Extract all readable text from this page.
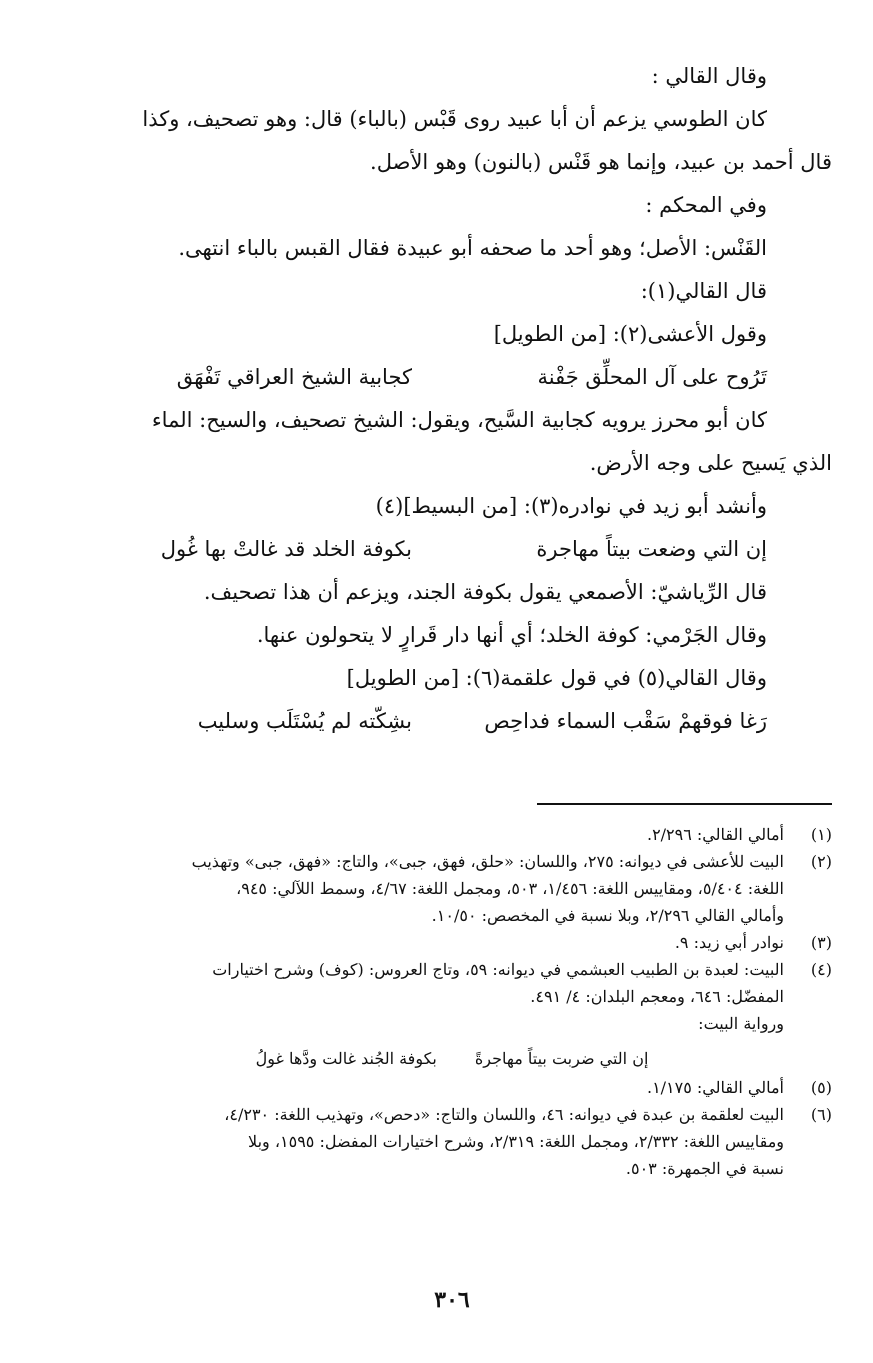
وقال القالي :

كان الطوسي يزعم أن أبا عبيد روى قَبْس (بالباء) قال: وهو تصحيف، وكذا

قال أحمد بن عبيد، وإنما هو قَنْس (بالنون) وهو الأصل.

وفي المحكم :

القَنْس: الأصل؛ وهو أحد ما صحفه أبو عبيدة فقال القبس بالباء انتهى.

قال القالي(١):

وقول الأعشى(٢): [من الطويل]

تَرُوح على آل المحلِّق جَفْنة
كجابية الشيخ العراقي تَفْهَق

كان أبو محرز يرويه كجابية السَّيح، ويقول: الشيخ تصحيف، والسيح: الماء

الذي يَسيح على وجه الأرض.

وأنشد أبو زيد في نوادره(٣): [من البسيط](٤)

إن التي وضعت بيتاً مهاجرة
بكوفة الخلد قد غالتْ بها غُول

قال الرِّياشيّ: الأصمعي يقول بكوفة الجند، ويزعم أن هذا تصحيف.

وقال الجَرْمي: كوفة الخلد؛ أي أنها دار قَرارٍ لا يتحولون عنها.

وقال القالي(٥) في قول علقمة(٦): [من الطويل]

رَغا فوقهمْ سَقْب السماء فداحِص
بشِكّته لم يُسْتَلَب وسليب
(١)
أمالي القالي: ٢/٢٩٦.
(٢)
البيت للأعشى في ديوانه: ٢٧٥، واللسان: «حلق، فهق، جبى»، والتاج: «فهق، جبى» وتهذيب
اللغة: ٥/٤٠٤، ومقاييس اللغة: ١/٤٥٦، ٥٠٣، ومجمل اللغة: ٤/٦٧، وسمط اللآلي: ٩٤٥،
وأمالي القالي ٢/٢٩٦، وبلا نسبة في المخصص: ١٠/٥٠.
(٣)
نوادر أبي زيد: ٩.
(٤)
البيت: لعبدة بن الطبيب العبشمي في ديوانه: ٥٩، وتاج العروس: (كوف) وشرح اختيارات
المفضّل: ٦٤٦، ومعجم البلدان: ٤/ ٤٩١.
ورواية البيت:
إن التي ضربت بيتاً مهاجرةً
بكوفة الجُند غالت ودَّها غولُ
(٥)
أمالي القالي: ١/١٧٥.
(٦)
البيت لعلقمة بن عبدة في ديوانه: ٤٦، واللسان والتاج: «دحص»، وتهذيب اللغة: ٤/٢٣٠،
ومقاييس اللغة: ٢/٣٣٢، ومجمل اللغة: ٢/٣١٩، وشرح اختيارات المفضل: ١٥٩٥، وبلا
نسبة في الجمهرة: ٥٠٣.
٣٠٦
